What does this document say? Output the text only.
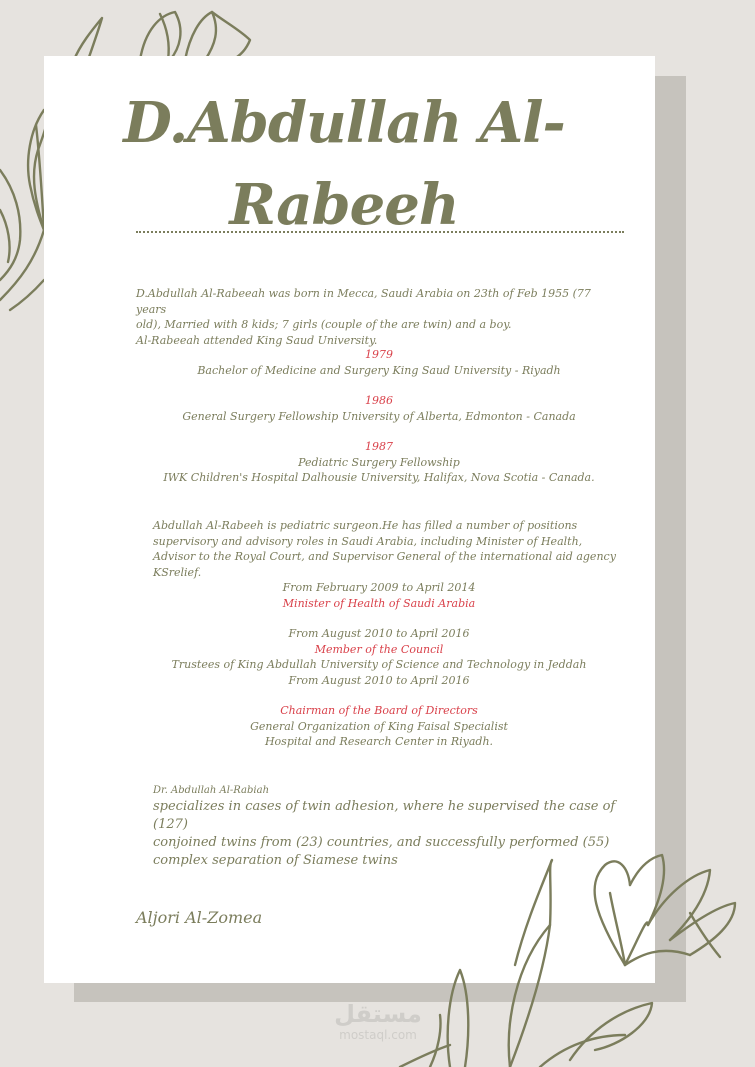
D.Abdullah Al-
Rabeeh
D.Abdullah Al-Rabeeah was born in Mecca, Saudi Arabia on 23th of Feb 1955 (77 years
old), Married with 8 kids; 7 girls (couple of the are twin) and a boy.
Al-Rabeeah attended King Saud University.
1979
Bachelor of Medicine and Surgery King Saud University - Riyadh
1986
General Surgery Fellowship University of Alberta, Edmonton - Canada
1987
Pediatric Surgery Fellowship
IWK Children's Hospital Dalhousie University, Halifax, Nova Scotia - Canada.
Abdullah Al-Rabeeh is pediatric surgeon.He has filled a number of positions
supervisory and advisory roles in Saudi Arabia, including Minister of Health,
Advisor to the Royal Court, and Supervisor General of the international aid agency
KSrelief.
From February 2009 to April 2014
Minister of Health of Saudi Arabia
From August 2010 to April 2016
Member of the Council
Trustees of King Abdullah University of Science and Technology in Jeddah
From August 2010 to April 2016
Chairman of the Board of Directors
General Organization of King Faisal Specialist
Hospital and Research Center in Riyadh.
Dr. Abdullah Al-Rabiah
specializes in cases of twin adhesion, where he supervised the case of (127)
conjoined twins from (23) countries, and successfully performed (55)
complex separation of Siamese twins
Aljori Al-Zomea
مستقل
mostaql.com
